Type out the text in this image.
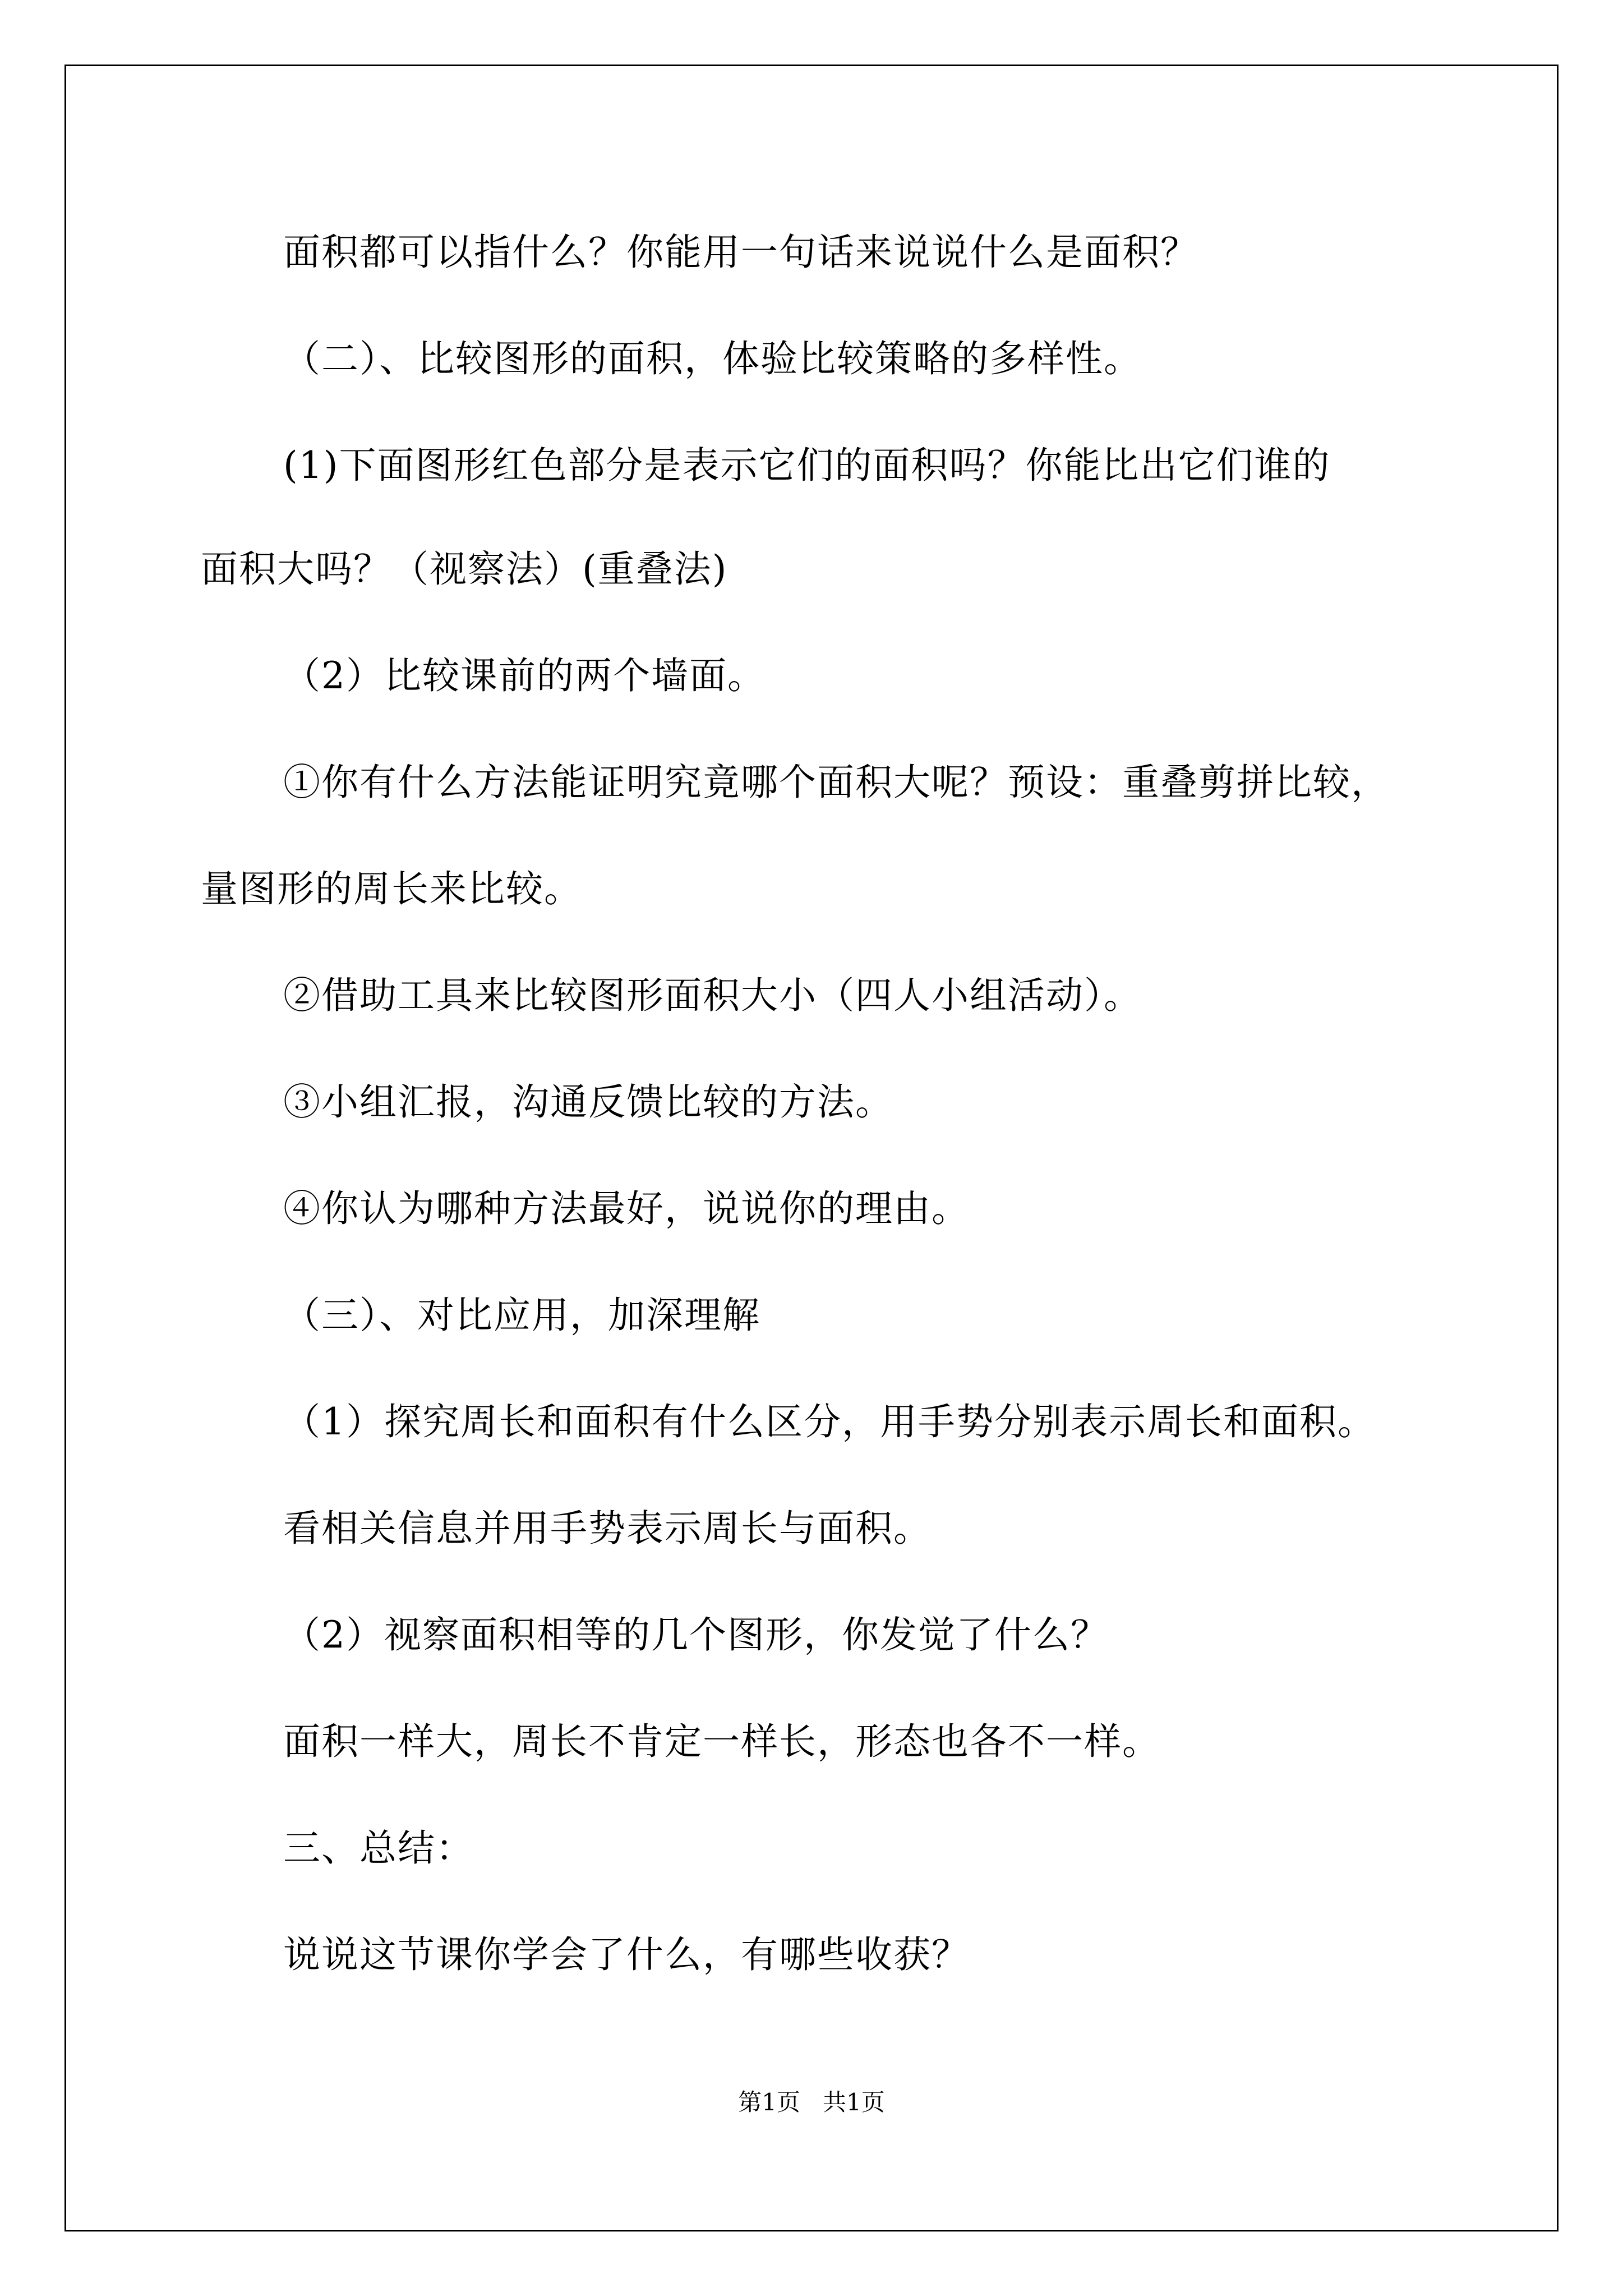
面积都可以指什么？你能用一句话来说说什么是面积？
（二）、比较图形的面积，体验比较策略的多样性。
(1)下面图形红色部分是表示它们的面积吗？你能比出它们谁的
面积大吗？（视察法）(重叠法)
（2）比较课前的两个墙面。
①你有什么方法能证明究竟哪个面积大呢？预设：重叠剪拼比较，
量图形的周长来比较。
②借助工具来比较图形面积大小（四人小组活动）。
③小组汇报，沟通反馈比较的方法。
④你认为哪种方法最好，说说你的理由。
（三）、对比应用，加深理解
（1）探究周长和面积有什么区分，用手势分别表示周长和面积。
看相关信息并用手势表示周长与面积。
（2）视察面积相等的几个图形，你发觉了什么？
面积一样大，周长不肯定一样长，形态也各不一样。
三、总结：
说说这节课你学会了什么，有哪些收获？
第1页   共1页
